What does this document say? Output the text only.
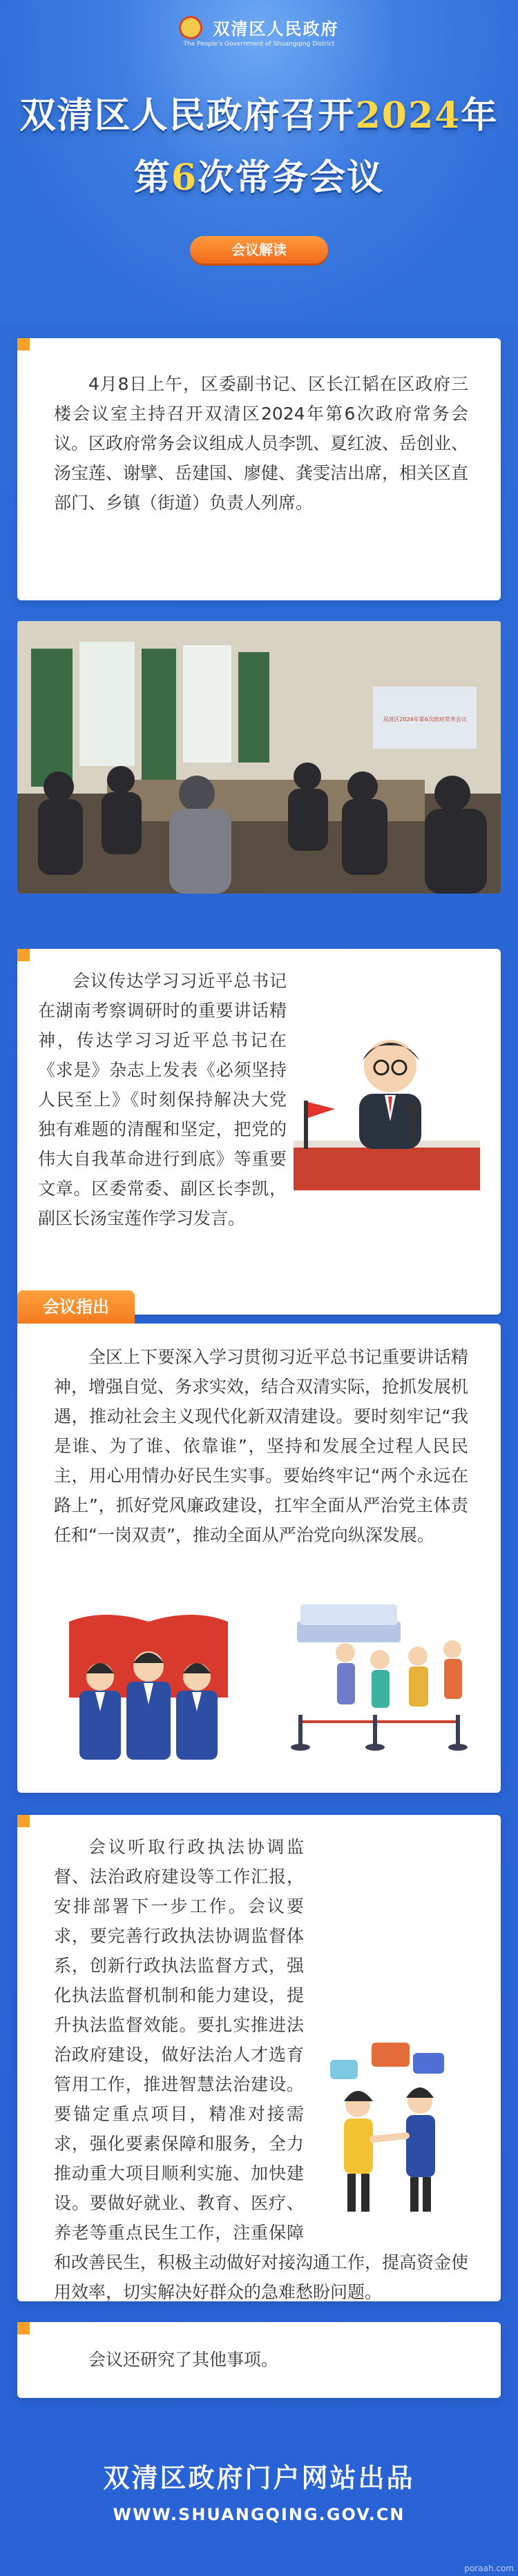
双清区人民政府
The People's Government of Shuangqing District
双清区人民政府召开2024年
第6次常务会议
会议解读
4月8日上午，区委副书记、区长江韬在区政府三楼会议室主持召开双清区2024年第6次政府常务会议。区政府常务会议组成人员李凯、夏红波、岳创业、汤宝莲、谢擘、岳建国、廖健、龚雯洁出席，相关区直部门、乡镇（街道）负责人列席。
双清区2024年第6次政府常务会议
会议传达学习习近平总书记在湖南考察调研时的重要讲话精神，传达学习习近平总书记在《求是》杂志上发表《必须坚持人民至上》《时刻保持解决大党独有难题的清醒和坚定，把党的伟大自我革命进行到底》等重要文章。区委常委、副区长李凯，副区长汤宝莲作学习发言。
会议指出
全区上下要深入学习贯彻习近平总书记重要讲话精神，增强自觉、务求实效，结合双清实际，抢抓发展机遇，推动社会主义现代化新双清建设。要时刻牢记“我是谁、为了谁、依靠谁”，坚持和发展全过程人民民主，用心用情办好民生实事。要始终牢记“两个永远在路上”，抓好党风廉政建设，扛牢全面从严治党主体责任和“一岗双责”，推动全面从严治党向纵深发展。
会议听取行政执法协调监督、法治政府建设等工作汇报，安排部署下一步工作。会议要求，要完善行政执法协调监督体系，创新行政执法监督方式，强化执法监督机制和能力建设，提升执法监督效能。要扎实推进法治政府建设，做好法治人才选育管用工作，推进智慧法治建设。要锚定重点项目，精准对接需求，强化要素保障和服务，全力推动重大项目顺利实施、加快建设。要做好就业、教育、医疗、养老等重点民生工作，注重保障和改善民生，积极主动做好对接沟通工作，提高资金使用效率，切实解决好群众的急难愁盼问题。
会议还研究了其他事项。
双清区政府门户网站出品
WWW.SHUANGQING.GOV.CN
poraah.com
